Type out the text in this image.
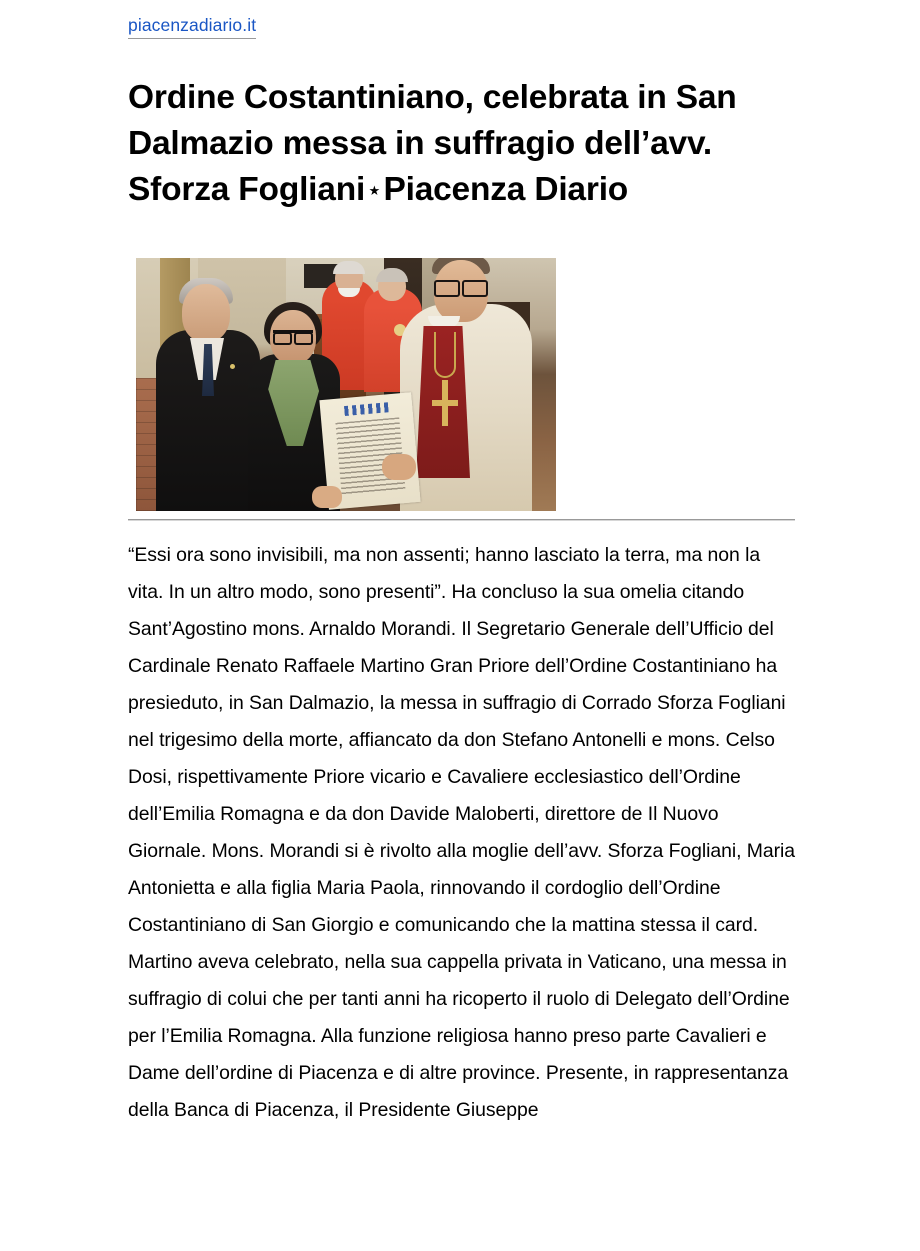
piacenzadiario.it
Ordine Costantiniano, celebrata in San Dalmazio messa in suffragio dell’avv. Sforza Fogliani ⋆Piacenza Diario

“Essi ora sono invisibili, ma non assenti; hanno lasciato la terra, ma non la vita. In un altro modo, sono presenti”. Ha concluso la sua omelia citando Sant’Agostino mons. Arnaldo Morandi. Il Segretario Generale dell’Ufficio del Cardinale Renato Raffaele Martino Gran Priore dell’Ordine Costantiniano ha presieduto, in San Dalmazio, la messa in suffragio di Corrado Sforza Fogliani nel trigesimo della morte, affiancato da don Stefano Antonelli e mons. Celso Dosi, rispettivamente Priore vicario e Cavaliere ecclesiastico dell’Ordine dell’Emilia Romagna e da don Davide Maloberti, direttore de Il Nuovo Giornale. Mons. Morandi si è rivolto alla moglie dell’avv. Sforza Fogliani, Maria Antonietta e alla figlia Maria Paola, rinnovando il cordoglio dell’Ordine Costantiniano di San Giorgio e comunicando che la mattina stessa il card. Martino aveva celebrato, nella sua cappella privata in Vaticano, una messa in suffragio di colui che per tanti anni ha ricoperto il ruolo di Delegato dell’Ordine per l’Emilia Romagna. Alla funzione religiosa hanno preso parte Cavalieri e Dame dell’ordine di Piacenza e di altre province. Presente, in rappresentanza della Banca di Piacenza, il Presidente Giuseppe
